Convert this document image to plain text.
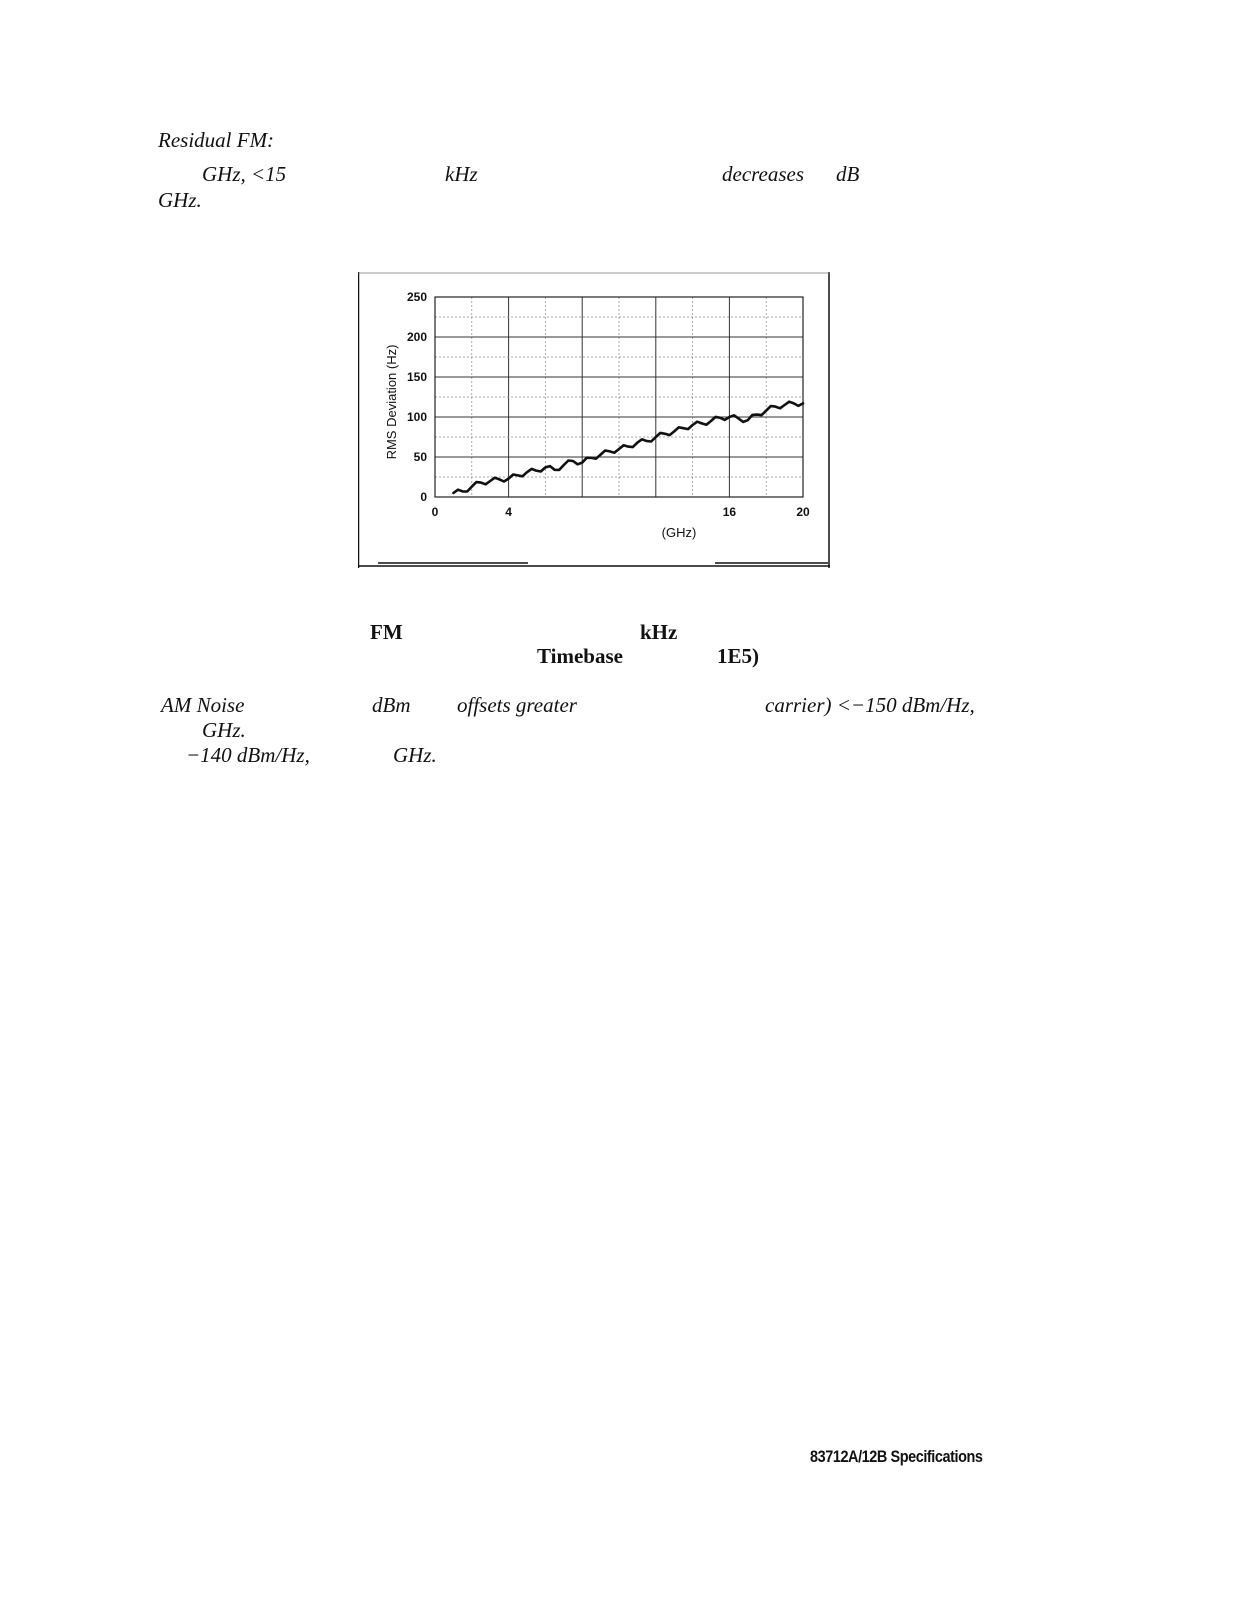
Residual FM:
GHz, <15	kHz	decreases dB
GHz.
0
50
100
150
200
250
0	4	16	20
RMS Deviation (Hz)
(GHz)
FM	kHz
Timebase	1E5)
AM Noise	dBm offsets greater	carrier) <−150 dBm/Hz,
GHz.
−140 dBm/Hz,	GHz.
83712A/12B Specifications
